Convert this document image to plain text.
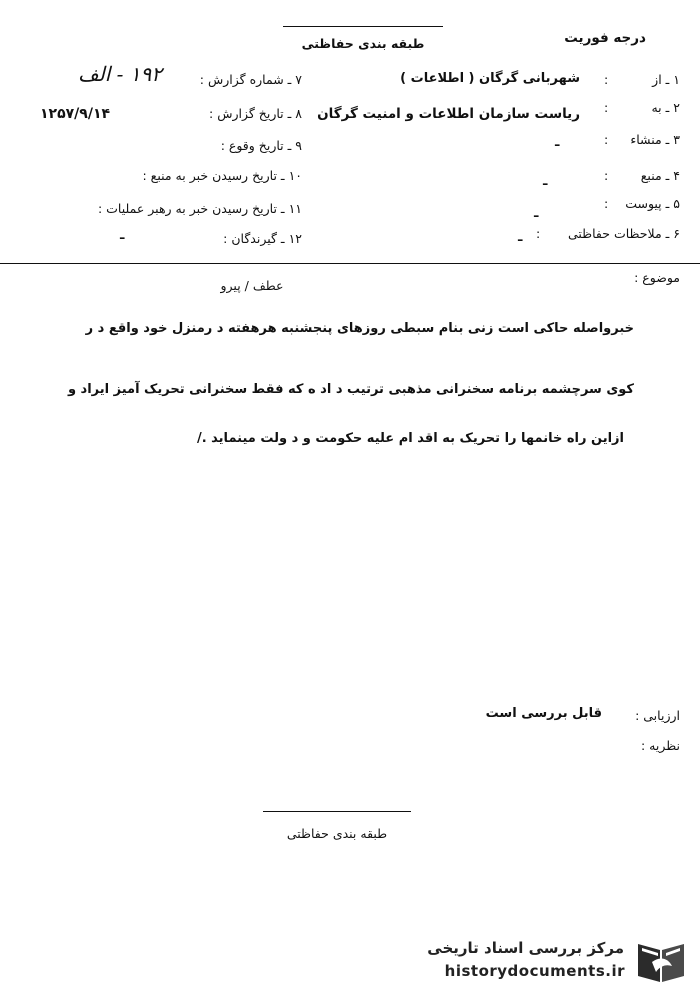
طبقه بندی حفاظتی	درجه فوریت
۱ ـ از
:
شهربانی گرگان ( اطلاعات )
۲ ـ به
:
ریاست سازمان اطلاعات و امنیت گرگان
۳ ـ منشاء
:
ـ
۴ ـ منبع
:
ـ
۵ ـ پیوست
:
ـ
۶ ـ ملاحظات حفاظتی
:
ـ
۷ ـ شماره گزارش :
۱۹۲ - الف
۸ ـ تاریخ گزارش :
۱۲۵۷/۹/۱۴
۹ ـ تاریخ وقوع :
۱۰ ـ تاریخ رسیدن خبر به منبع :
۱۱ ـ تاریخ رسیدن خبر به رهبر عملیات :
۱۲ ـ گیرندگان :
ـ
موضوع :
عطف / پیرو
خبرواصله حاکی است زنی بنام سبطی روزهای پنجشنبه هرهفته د رمنزل خود واقع د ر
کوی سرچشمه برنامه سخنرانی مذهبی ترتیب د اد ه که فقط سخنرانی تحریک آمیز ایراد و
ازاین راه خانمها را تحریک به اقد ام علیه حکومت و د ولت مینماید ./
ارزیابی :
قابل بررسی است
نظریه :
طبقه بندی حفاظتی
مرکز بررسی اسناد تاریخی
historydocuments.ir
